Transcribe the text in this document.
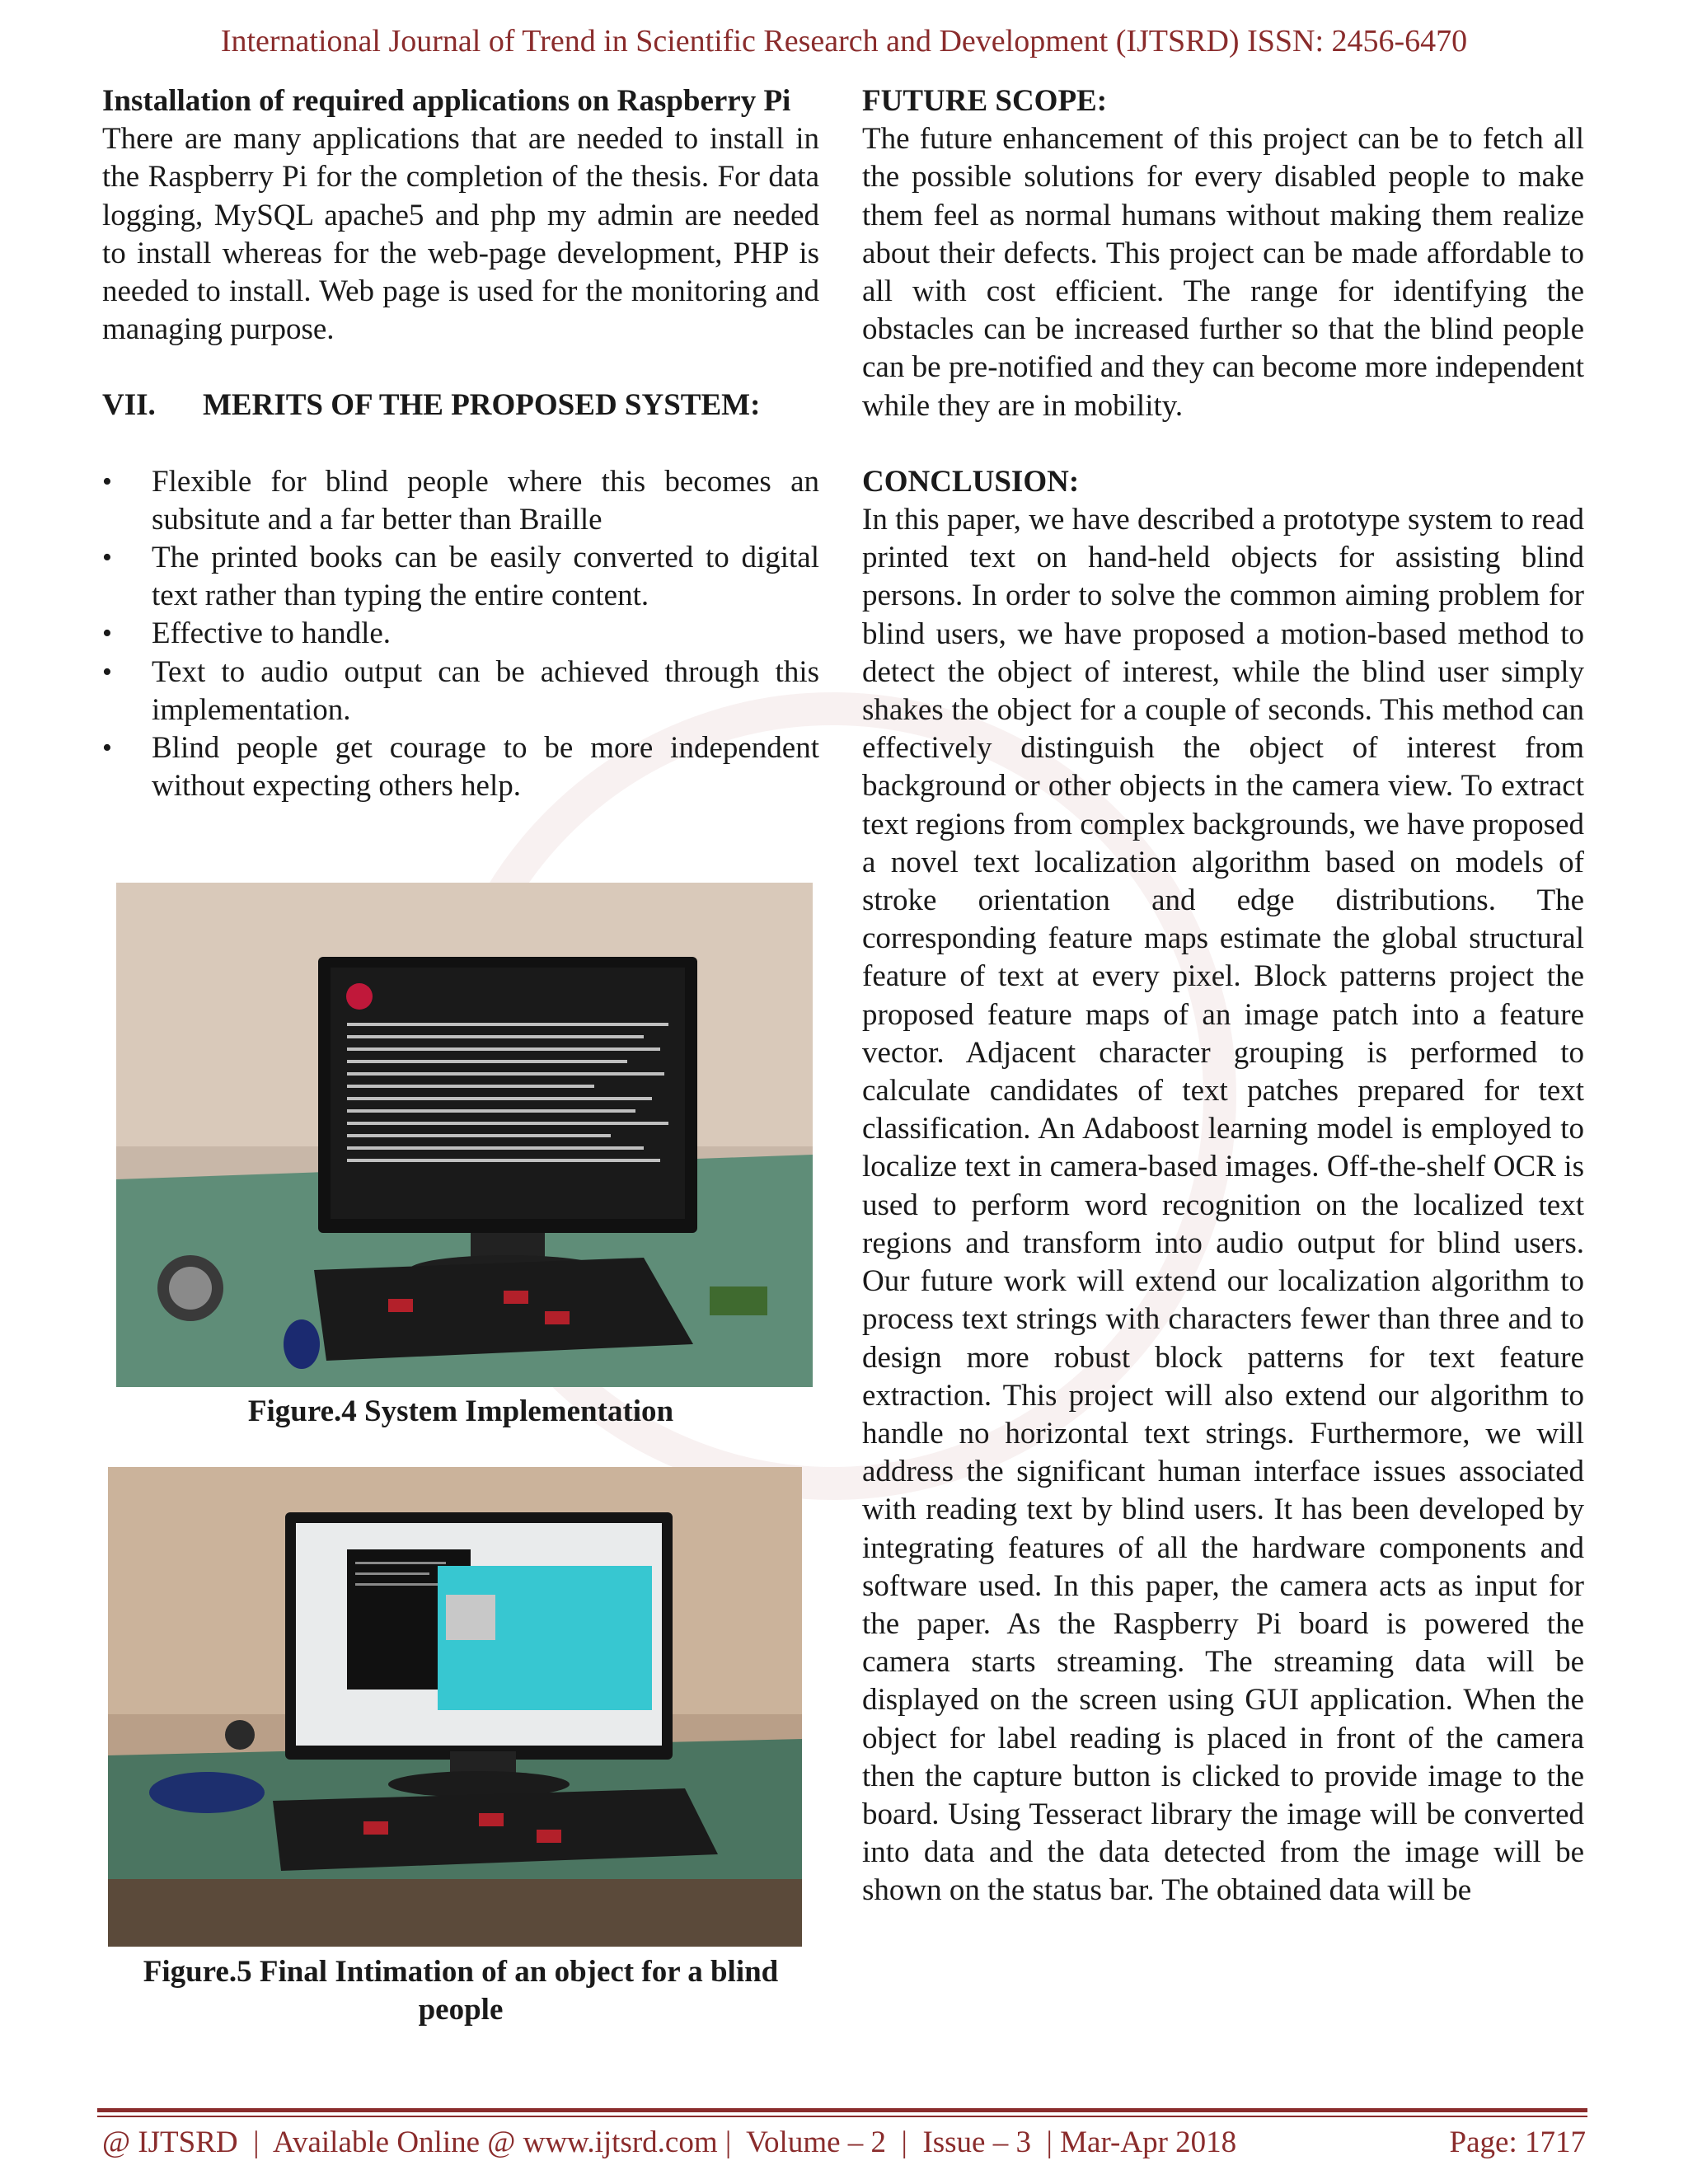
International Journal of Trend in Scientific Research and Development (IJTSRD) ISSN: 2456-6470

Installation of required applications on Raspberry Pi

There are many applications that are needed to install in the Raspberry Pi for the completion of the thesis. For data logging, MySQL apache5 and php my admin are needed to install whereas for the web-page development, PHP is needed to install. Web page is used for the monitoring and managing purpose.

VII.	MERITS OF THE PROPOSED SYSTEM:
• Flexible for blind people where this becomes an subsitute and a far better than Braille
• The printed books can be easily converted to digital text rather than typing the entire content.
• Effective to handle.
• Text to audio output can be achieved through this implementation.
• Blind people get courage to be more independent without expecting others help.
Figure.4 System Implementation
Figure.5 Final Intimation of an object for a blind people

FUTURE SCOPE:

The future enhancement of this project can be to fetch all the possible solutions for every disabled people to make them feel as normal humans without making them realize about their defects. This project can be made affordable to all with cost efficient. The range for identifying the obstacles can be increased further so that the blind people can be pre-notified and they can become more independent while they are in mobility.

CONCLUSION:

In this paper, we have described a prototype system to read printed text on hand-held objects for assisting blind persons. In order to solve the common aiming problem for blind users, we have proposed a motion-based method to detect the object of interest, while the blind user simply shakes the object for a couple of seconds. This method can effectively distinguish the object of interest from background or other objects in the camera view. To extract text regions from complex backgrounds, we have proposed a novel text localization algorithm based on models of stroke orientation and edge distributions. The corresponding feature maps estimate the global structural feature of text at every pixel. Block patterns project the proposed feature maps of an image patch into a feature vector. Adjacent character grouping is performed to calculate candidates of text patches prepared for text classification. An Adaboost learning model is employed to localize text in camera-based images. Off-the-shelf OCR is used to perform word recognition on the localized text regions and transform into audio output for blind users. Our future work will extend our localization algorithm to process text strings with characters fewer than three and to design more robust block patterns for text feature extraction. This project will also extend our algorithm to handle no horizontal text strings. Furthermore, we will address the significant human interface issues associated with reading text by blind users. It has been developed by integrating features of all the hardware components and software used. In this paper, the camera acts as input for the paper. As the Raspberry Pi board is powered the camera starts streaming. The streaming data will be displayed on the screen using GUI application. When the object for label reading is placed in front of the camera then the capture button is clicked to provide image to the board. Using Tesseract library the image will be converted into data and the data detected from the image will be shown on the status bar. The obtained data will be

@ IJTSRD  |  Available Online @ www.ijtsrd.com |  Volume – 2  |  Issue – 3  | Mar-Apr 2018	Page: 1717
